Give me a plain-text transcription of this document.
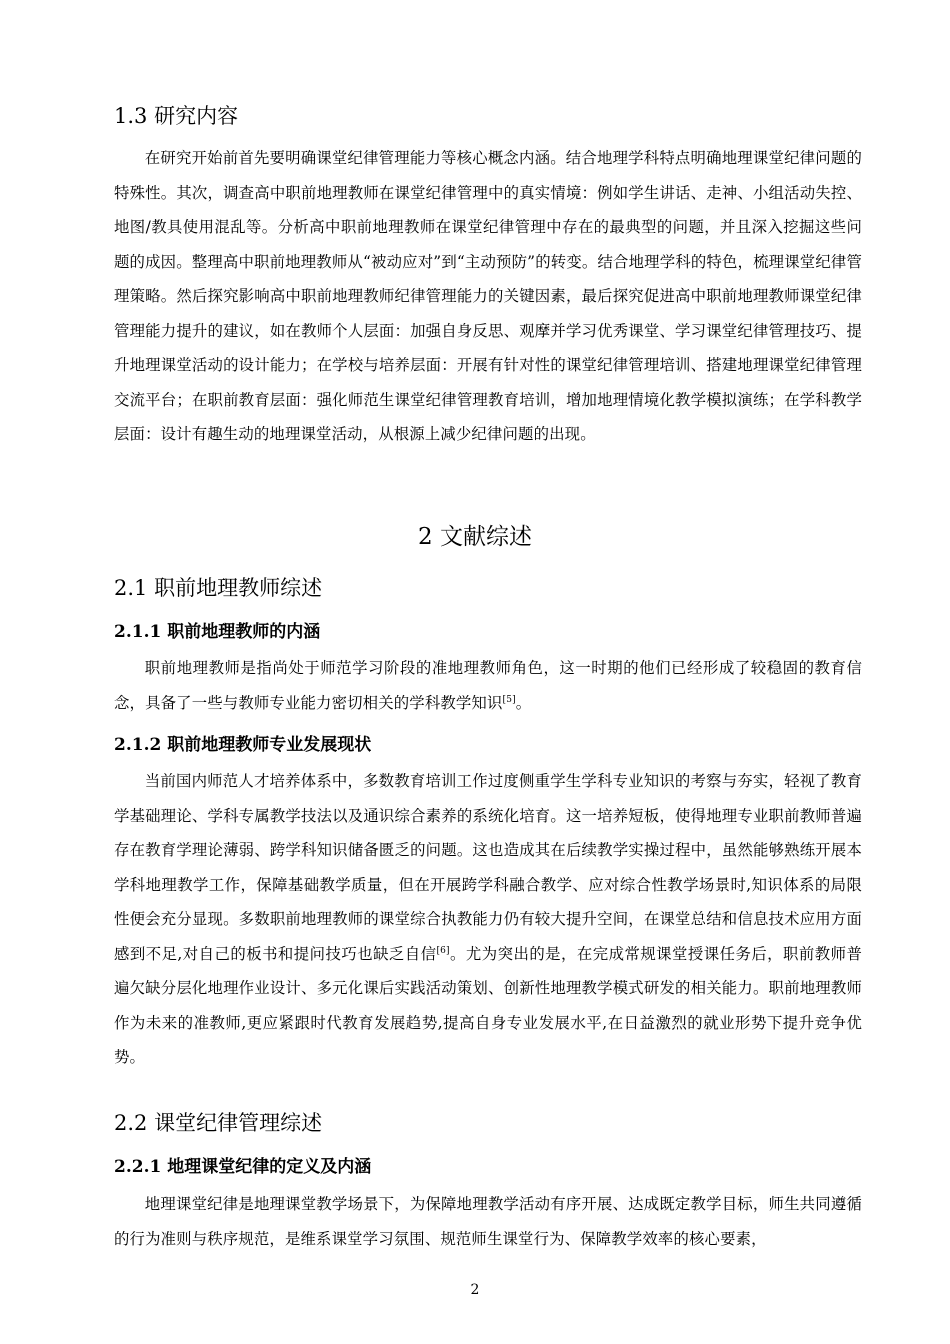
1.3 研究内容

在研究开始前首先要明确课堂纪律管理能力等核心概念内涵。结合地理学科特点明确地理课堂纪律问题的特殊性。其次，调查高中职前地理教师在课堂纪律管理中的真实情境：例如学生讲话、走神、小组活动失控、地图/教具使用混乱等。分析高中职前地理教师在课堂纪律管理中存在的最典型的问题，并且深入挖掘这些问题的成因。整理高中职前地理教师从“被动应对”到“主动预防”的转变。结合地理学科的特色，梳理课堂纪律管理策略。然后探究影响高中职前地理教师纪律管理能力的关键因素，最后探究促进高中职前地理教师课堂纪律管理能力提升的建议，如在教师个人层面：加强自身反思、观摩并学习优秀课堂、学习课堂纪律管理技巧、提升地理课堂活动的设计能力；在学校与培养层面：开展有针对性的课堂纪律管理培训、搭建地理课堂纪律管理交流平台；在职前教育层面：强化师范生课堂纪律管理教育培训，增加地理情境化教学模拟演练；在学科教学层面：设计有趣生动的地理课堂活动，从根源上减少纪律问题的出现。

2 文献综述
2.1 职前地理教师综述
2.1.1 职前地理教师的内涵

职前地理教师是指尚处于师范学习阶段的准地理教师角色，这一时期的他们已经形成了较稳固的教育信念，具备了一些与教师专业能力密切相关的学科教学知识[5]。

2.1.2 职前地理教师专业发展现状

当前国内师范人才培养体系中，多数教育培训工作过度侧重学生学科专业知识的考察与夯实，轻视了教育学基础理论、学科专属教学技法以及通识综合素养的系统化培育。这一培养短板，使得地理专业职前教师普遍存在教育学理论薄弱、跨学科知识储备匮乏的问题。这也造成其在后续教学实操过程中，虽然能够熟练开展本学科地理教学工作，保障基础教学质量，但在开展跨学科融合教学、应对综合性教学场景时,知识体系的局限性便会充分显现。多数职前地理教师的课堂综合执教能力仍有较大提升空间，在课堂总结和信息技术应用方面感到不足,对自己的板书和提问技巧也缺乏自信[6]。尤为突出的是，在完成常规课堂授课任务后，职前教师普遍欠缺分层化地理作业设计、多元化课后实践活动策划、创新性地理教学模式研发的相关能力。职前地理教师作为未来的准教师,更应紧跟时代教育发展趋势,提高自身专业发展水平,在日益激烈的就业形势下提升竞争优势。

2.2 课堂纪律管理综述
2.2.1 地理课堂纪律的定义及内涵

地理课堂纪律是地理课堂教学场景下，为保障地理教学活动有序开展、达成既定教学目标，师生共同遵循的行为准则与秩序规范，是维系课堂学习氛围、规范师生课堂行为、保障教学效率的核心要素，

2
